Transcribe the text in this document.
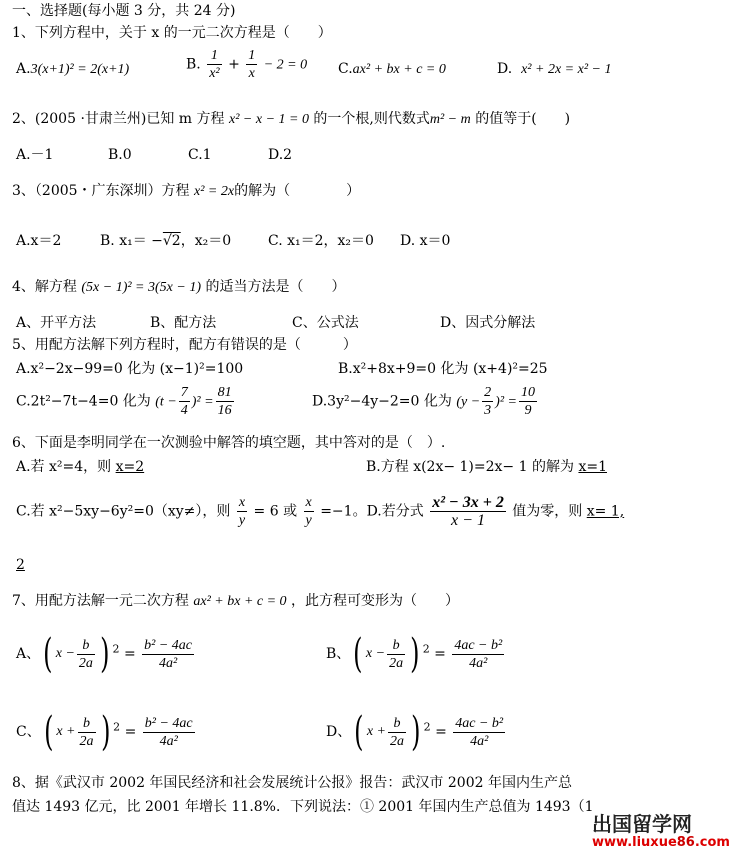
一、选择题(每小题 3 分，共 24 分)
1、下列方程中，关于 x 的一元二次方程是（　　）
A.3(x+1)² = 2(x+1)	B. $\frac{1}{\text{x²}} + \frac{1}{x} - 2 = 0$ C.ax² + bx + c = 0	D. x² + 2x = x² − 1
2、(2005 ·甘肃兰州)已知 m 方程 x² − x − 1 = 0 的一个根,则代数式m² − m 的值等于(　　)
A.－1	B.0	C.1	D.2
3、（2005・广东深圳）方程 x² = 2x的解为（　　　　）
A.x＝2	B. x₁＝ −√2，x₂＝0	C. x₁＝2，x₂＝0 D. x＝0
4、解方程 (5x − 1)² = 3(5x − 1) 的适当方法是（　　）
A、开平方法	B、配方法	C、公式法	D、因式分解法
5、用配方法解下列方程时，配方有错误的是（　　　）
A.x²−2x−99=0 化为 (x−1)²=100	B.x²+8x+9=0 化为 (x+4)²=25
C.2t²−7t−4=0 化为 $(t - \frac{7}{4} )^2 = \frac{81}{16}$	D.3y²−4y−2=0 化为 $(y - \frac{2}{3} )^2 = \frac{10}{9}$
6、下面是李明同学在一次测验中解答的填空题，其中答对的是（　）.
A.若 x²=4，则 x=2	B.方程 x(2x− 1)=2x− 1 的解为 x=1
C.若 x²−5xy−6y²=0（xy≠），则 $\frac{x}{y} = 6$ 或 $\frac{x}{y} =-1$。D.若分式 $\frac{\text{x² − 3x + 2}}{x - 1}$ 值为零，则 x= 1,
2
7、用配方法解一元二次方程 ax² + bx + c = 0 ，此方程可变形为（　　）
A、( $x - \frac{b}{2a}$ ) $^2 = \frac{\text{b² − 4ac}}{\text{4a²}}$	B、( $x - \frac{b}{2a}$ ) $^2 = \frac{\text{4ac − b²}}{\text{4a²}}$
C、( $x + \frac{b}{2a}$ ) $^2 = \frac{\text{b² − 4ac}}{\text{4a²}}$	D、( $x + \frac{b}{2a}$ ) $^2 = \frac{\text{4ac − b²}}{\text{4a²}}$
8、据《武汉市 2002 年国民经济和社会发展统计公报》报告：武汉市 2002 年国内生产总
值达 1493 亿元，比 2001 年增长 11.8%．下列说法：① 2001 年国内生产总值为 1493（1
出国留学网
www.liuxue86.com
